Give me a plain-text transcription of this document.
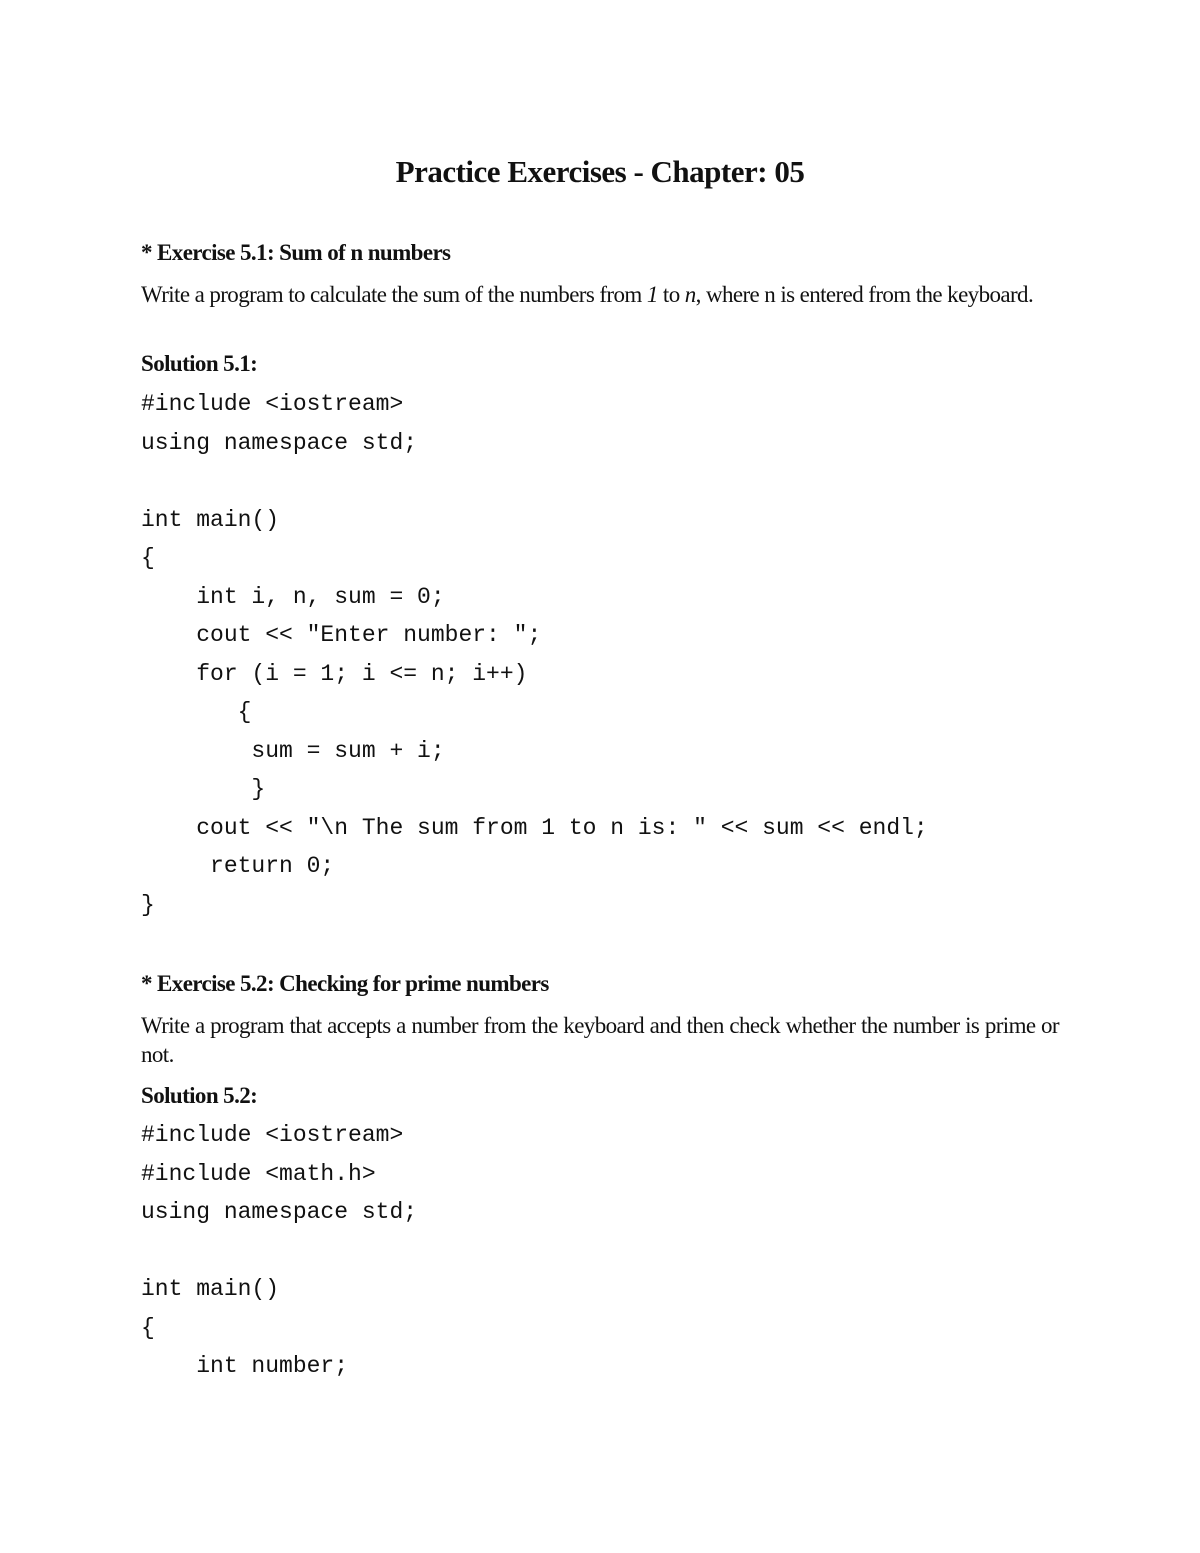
Practice Exercises - Chapter: 05
* Exercise 5.1: Sum of n numbers
Write a program to calculate the sum of the numbers from 1 to n, where n is entered from the keyboard.
Solution 5.1:
#include <iostream>
using namespace std;
int main()
{
int i, n, sum = 0;
cout << "Enter number: ";
for (i = 1; i <= n; i++)
{
sum = sum + i;
}
cout << "\n The sum from 1 to n is: " << sum << endl;
return 0;
}
* Exercise 5.2: Checking for prime numbers
Write a program that accepts a number from the keyboard and then check whether the number is prime or not.
Solution 5.2:
#include <iostream>
#include <math.h>
using namespace std;
int main()
{
int number;
